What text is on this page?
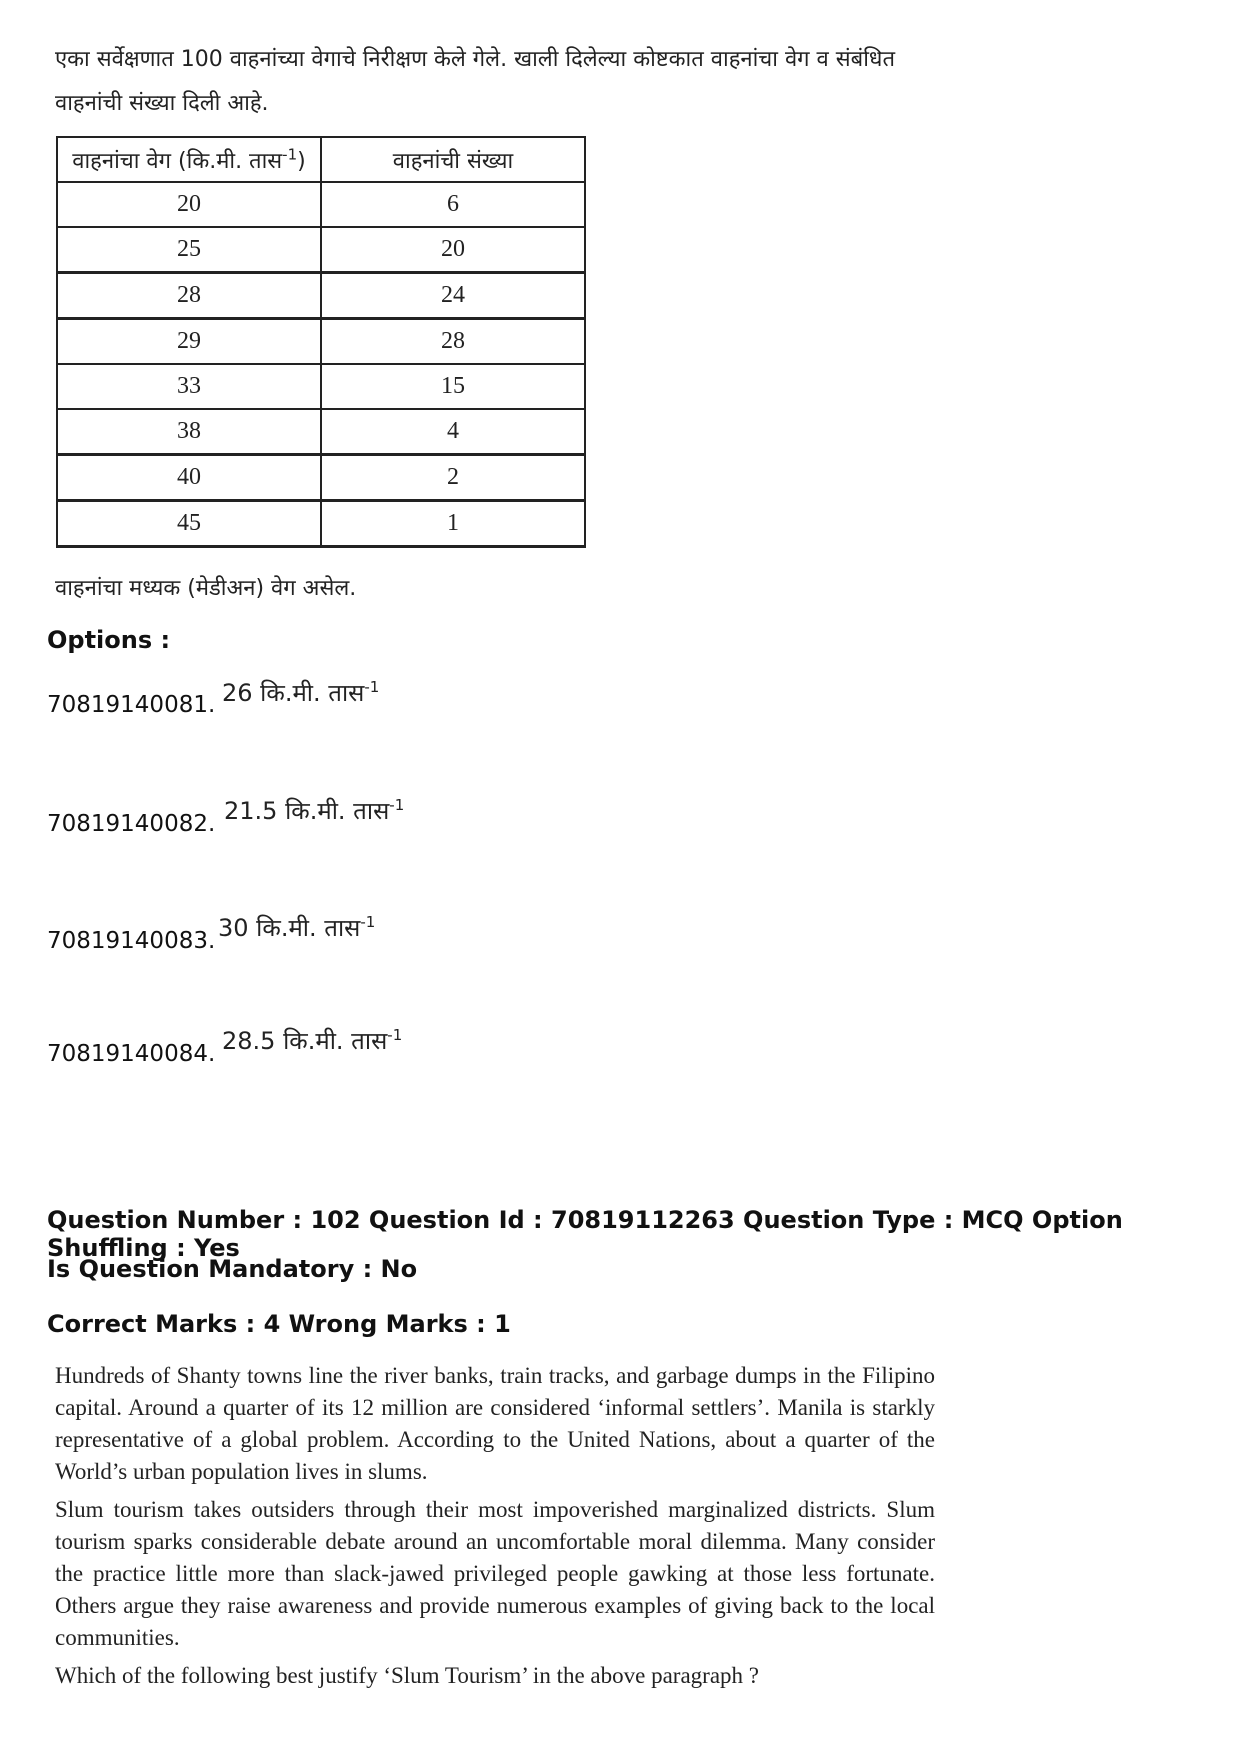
एका सर्वेक्षणात 100 वाहनांच्या वेगाचे निरीक्षण केले गेले. खाली दिलेल्या कोष्टकात वाहनांचा वेग व संबंधित
वाहनांची संख्या दिली आहे.
वाहनांचा वेग (कि.मी. तास$^{-1}$)	वाहनांची संख्या
20	6
25	20
28	24
29	28
33	15
38	4
40	2
45	1
वाहनांचा मध्यक (मेडीअन) वेग असेल.
Options :
70819140081. 26 कि.मी. तास$^{-1}$
70819140082. 21.5 कि.मी. तास$^{-1}$
70819140083. 30 कि.मी. तास$^{-1}$
70819140084. 28.5 कि.मी. तास$^{-1}$
Question Number : 102 Question Id : 70819112263 Question Type : MCQ Option Shuffling : Yes
Is Question Mandatory : No
Correct Marks : 4 Wrong Marks : 1

Hundreds of Shanty towns line the river banks, train tracks, and garbage dumps in the Filipino capital. Around a quarter of its 12 million are considered ‘informal settlers’. Manila is starkly representative of a global problem. According to the United Nations, about a quarter of the World’s urban population lives in slums.

Slum tourism takes outsiders through their most impoverished marginalized districts. Slum tourism sparks considerable debate around an uncomfortable moral dilemma. Many consider the practice little more than slack-jawed privileged people gawking at those less fortunate. Others argue they raise awareness and provide numerous examples of giving back to the local communities.

Which of the following best justify ‘Slum Tourism’ in the above paragraph ?
